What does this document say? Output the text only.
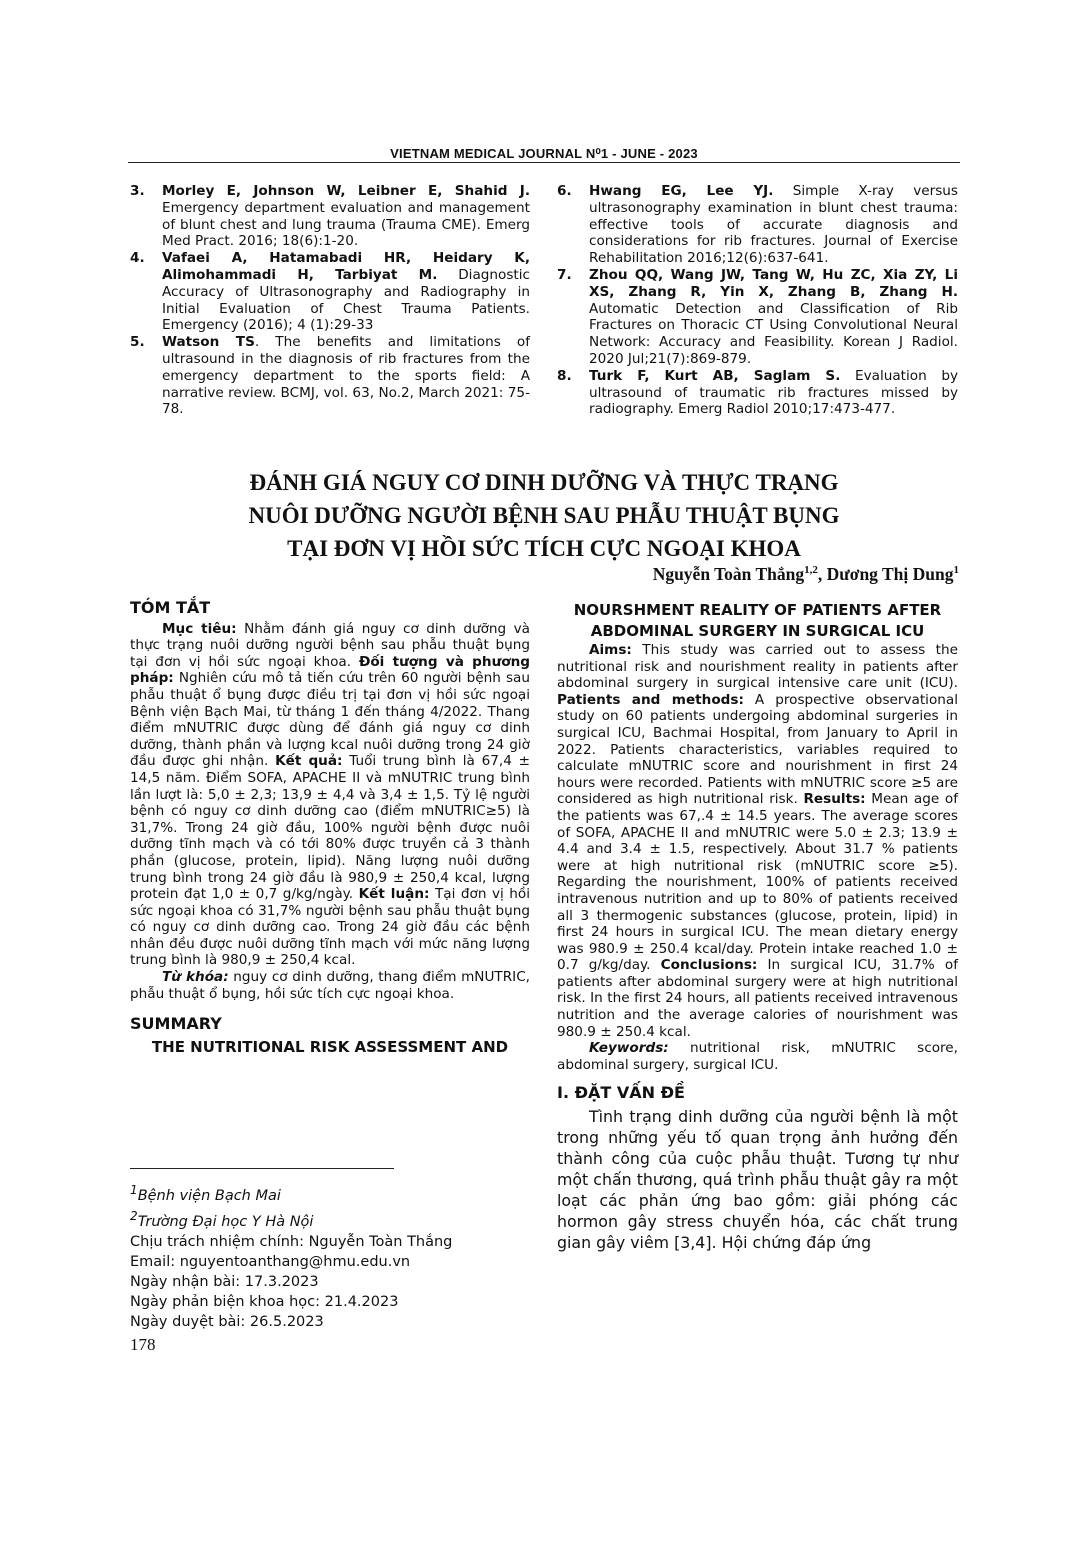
VIETNAM MEDICAL JOURNAL N⁰1 - JUNE - 2023
3.	Morley E, Johnson W, Leibner E, Shahid J. Emergency department evaluation and management of blunt chest and lung trauma (Trauma CME). Emerg Med Pract. 2016; 18(6):1-20.
4.	Vafaei A, Hatamabadi HR, Heidary K, Alimohammadi H, Tarbiyat M. Diagnostic Accuracy of Ultrasonography and Radiography in Initial Evaluation of Chest Trauma Patients. Emergency (2016); 4 (1):29-33
5.	Watson TS. The benefits and limitations of ultrasound in the diagnosis of rib fractures from the emergency department to the sports field: A narrative review. BCMJ, vol. 63, No.2, March 2021: 75-78.
6.	Hwang EG, Lee YJ. Simple X-ray versus ultrasonography examination in blunt chest trauma: effective tools of accurate diagnosis and considerations for rib fractures. Journal of Exercise Rehabilitation 2016;12(6):637-641.
7.	Zhou QQ, Wang JW, Tang W, Hu ZC, Xia ZY, Li XS, Zhang R, Yin X, Zhang B, Zhang H. Automatic Detection and Classification of Rib Fractures on Thoracic CT Using Convolutional Neural Network: Accuracy and Feasibility. Korean J Radiol. 2020 Jul;21(7):869-879.
8.	Turk F, Kurt AB, Saglam S. Evaluation by ultrasound of traumatic rib fractures missed by radiography. Emerg Radiol 2010;17:473-477.
ĐÁNH GIÁ NGUY CƠ DINH DƯỠNG VÀ THỰC TRẠNG
NUÔI DƯỠNG NGƯỜI BỆNH SAU PHẪU THUẬT BỤNG
TẠI ĐƠN VỊ HỒI SỨC TÍCH CỰC NGOẠI KHOA
Nguyễn Toàn Thắng$^{1,2}$, Dương Thị Dung$^1$
TÓM TẮT

Mục tiêu: Nhằm đánh giá nguy cơ dinh dưỡng và thực trạng nuôi dưỡng người bệnh sau phẫu thuật bụng tại đơn vị hồi sức ngoại khoa. Đối tượng và phương pháp: Nghiên cứu mô tả tiến cứu trên 60 người bệnh sau phẫu thuật ổ bụng được điều trị tại đơn vị hồi sức ngoại Bệnh viện Bạch Mai, từ tháng 1 đến tháng 4/2022. Thang điểm mNUTRIC được dùng để đánh giá nguy cơ dinh dưỡng, thành phần và lượng kcal nuôi dưỡng trong 24 giờ đầu được ghi nhận. Kết quả: Tuổi trung bình là 67,4 ± 14,5 năm. Điểm SOFA, APACHE II và mNUTRIC trung bình lần lượt là: 5,0 ± 2,3; 13,9 ± 4,4 và 3,4 ± 1,5. Tỷ lệ người bệnh có nguy cơ dinh dưỡng cao (điểm mNUTRIC≥5) là 31,7%. Trong 24 giờ đầu, 100% người bệnh được nuôi dưỡng tĩnh mạch và có tới 80% được truyền cả 3 thành phần (glucose, protein, lipid). Năng lượng nuôi dưỡng trung bình trong 24 giờ đầu là 980,9 ± 250,4 kcal, lượng protein đạt 1,0 ± 0,7 g/kg/ngày. Kết luận: Tại đơn vị hồi sức ngoại khoa có 31,7% người bệnh sau phẫu thuật bụng có nguy cơ dinh dưỡng cao. Trong 24 giờ đầu các bệnh nhân đều được nuôi dưỡng tĩnh mạch với mức năng lượng trung bình là 980,9 ± 250,4 kcal.

Từ khóa: nguy cơ dinh dưỡng, thang điểm mNUTRIC, phẫu thuật ổ bụng, hồi sức tích cực ngoại khoa.

SUMMARY
THE NUTRITIONAL RISK ASSESSMENT AND
NOURSHMENT REALITY OF PATIENTS AFTER ABDOMINAL SURGERY IN SURGICAL ICU

Aims: This study was carried out to assess the nutritional risk and nourishment reality in patients after abdominal surgery in surgical intensive care unit (ICU). Patients and methods: A prospective observational study on 60 patients undergoing abdominal surgeries in surgical ICU, Bachmai Hospital, from January to April in 2022. Patients characteristics, variables required to calculate mNUTRIC score and nourishment in first 24 hours were recorded. Patients with mNUTRIC score ≥5 are considered as high nutritional risk. Results: Mean age of the patients was 67,.4 ± 14.5 years. The average scores of SOFA, APACHE II and mNUTRIC were 5.0 ± 2.3; 13.9 ± 4.4 and 3.4 ± 1.5, respectively. About 31.7 % patients were at high nutritional risk (mNUTRIC score ≥5). Regarding the nourishment, 100% of patients received intravenous nutrition and up to 80% of patients received all 3 thermogenic substances (glucose, protein, lipid) in first 24 hours in surgical ICU. The mean dietary energy was 980.9 ± 250.4 kcal/day. Protein intake reached 1.0 ± 0.7 g/kg/day. Conclusions: In surgical ICU, 31.7% of patients after abdominal surgery were at high nutritional risk. In the first 24 hours, all patients received intravenous nutrition and the average calories of nourishment was 980.9 ± 250.4 kcal.

Keywords: nutritional risk, mNUTRIC score, abdominal surgery, surgical ICU.

I. ĐẶT VẤN ĐỀ

Tình trạng dinh dưỡng của người bệnh là một trong những yếu tố quan trọng ảnh hưởng đến thành công của cuộc phẫu thuật. Tương tự như một chấn thương, quá trình phẫu thuật gây ra một loạt các phản ứng bao gồm: giải phóng các hormon gây stress chuyển hóa, các chất trung gian gây viêm [3,4]. Hội chứng đáp ứng

$^1$Bệnh viện Bạch Mai
$^2$Trường Đại học Y Hà Nội
Chịu trách nhiệm chính: Nguyễn Toàn Thắng
Email: nguyentoanthang@hmu.edu.vn
Ngày nhận bài: 17.3.2023
Ngày phản biện khoa học: 21.4.2023
Ngày duyệt bài: 26.5.2023
178
